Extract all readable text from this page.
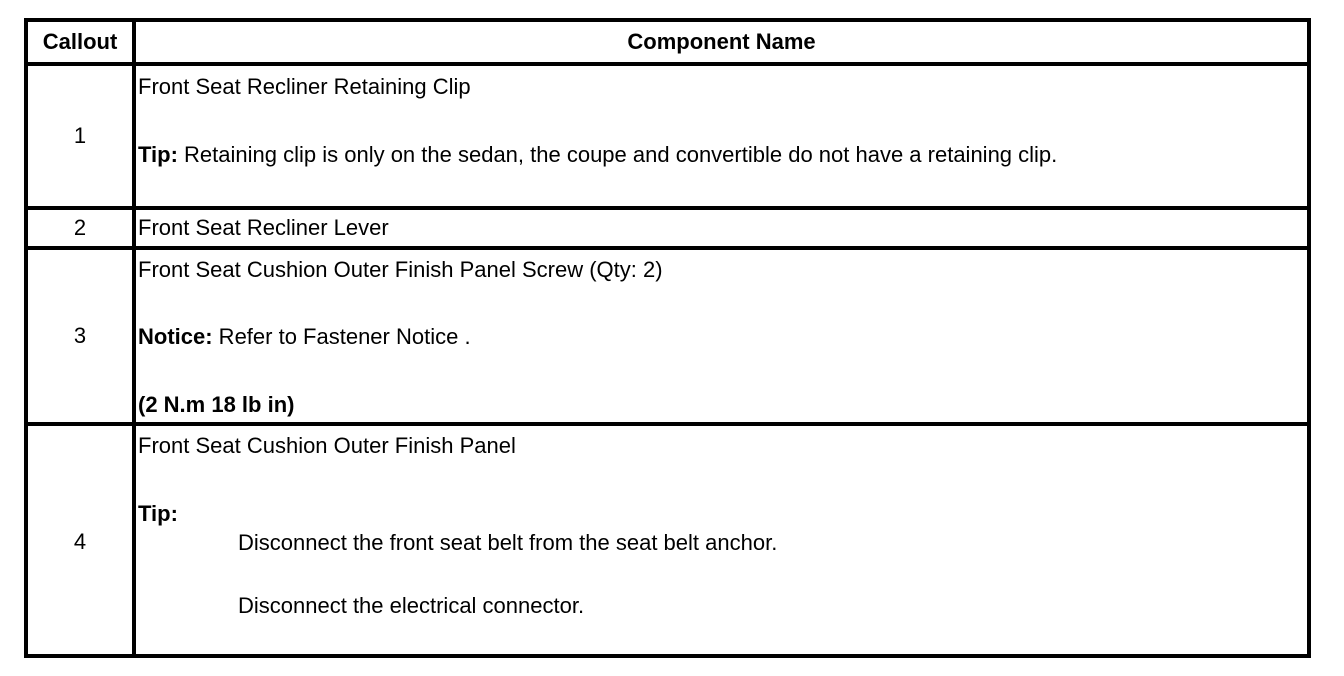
Callout	Component Name
1
Front Seat Recliner Retaining Clip
Tip: Retaining clip is only on the sedan, the coupe and convertible do not have a retaining clip.
2	Front Seat Recliner Lever
3
Front Seat Cushion Outer Finish Panel Screw (Qty: 2)
Notice: Refer to Fastener Notice .
(2 N.m 18 lb in)
4
Front Seat Cushion Outer Finish Panel
Tip:
Disconnect the front seat belt from the seat belt anchor.
Disconnect the electrical connector.
